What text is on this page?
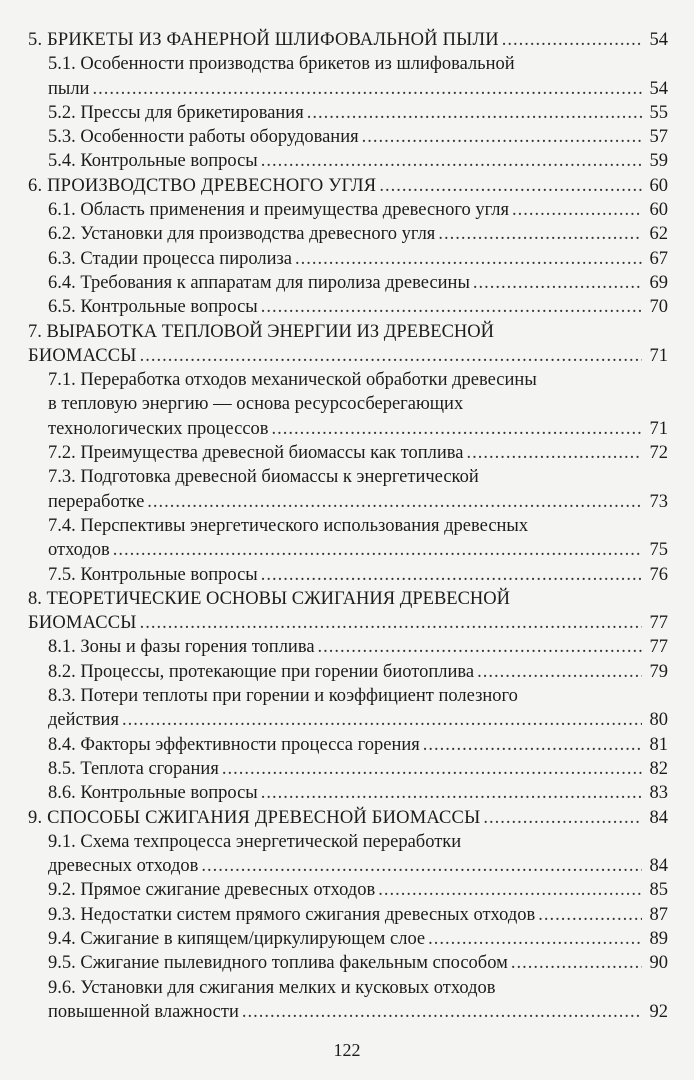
5. БРИКЕТЫ ИЗ ФАНЕРНОЙ ШЛИФОВАЛЬНОЙ ПЫЛИ .....	54
5.1. Особенности производства брикетов из шлифовальной
пыли .....	54
5.2. Прессы для брикетирования .....	55
5.3. Особенности работы оборудования .....	57
5.4. Контрольные вопросы .....	59
6. ПРОИЗВОДСТВО ДРЕВЕСНОГО УГЛЯ .....	60
6.1. Область применения и преимущества древесного угля .....	60
6.2. Установки для производства древесного угля .....	62
6.3. Стадии процесса пиролиза .....	67
6.4. Требования к аппаратам для пиролиза древесины .....	69
6.5. Контрольные вопросы .....	70
7. ВЫРАБОТКА ТЕПЛОВОЙ ЭНЕРГИИ ИЗ ДРЕВЕСНОЙ
БИОМАССЫ .....	71
7.1. Переработка отходов механической обработки древесины
в тепловую энергию — основа ресурсосберегающих
технологических процессов .....	71
7.2. Преимущества древесной биомассы как топлива .....	72
7.3. Подготовка древесной биомассы к энергетической
переработке .....	73
7.4. Перспективы энергетического использования древесных
отходов .....	75
7.5. Контрольные вопросы .....	76
8. ТЕОРЕТИЧЕСКИЕ ОСНОВЫ СЖИГАНИЯ ДРЕВЕСНОЙ
БИОМАССЫ .....	77
8.1. Зоны и фазы горения топлива .....	77
8.2. Процессы, протекающие при горении биотоплива .....	79
8.3. Потери теплоты при горении и коэффициент полезного
действия .....	80
8.4. Факторы эффективности процесса горения .....	81
8.5. Теплота сгорания .....	82
8.6. Контрольные вопросы .....	83
9. СПОСОБЫ СЖИГАНИЯ ДРЕВЕСНОЙ БИОМАССЫ .....	84
9.1. Схема техпроцесса энергетической переработки
древесных отходов .....	84
9.2. Прямое сжигание древесных отходов .....	85
9.3. Недостатки систем прямого сжигания древесных отходов .....	87
9.4. Сжигание в кипящем/циркулирующем слое .....	89
9.5. Сжигание пылевидного топлива факельным способом .....	90
9.6. Установки для сжигания мелких и кусковых отходов
повышенной влажности .....	92
122
